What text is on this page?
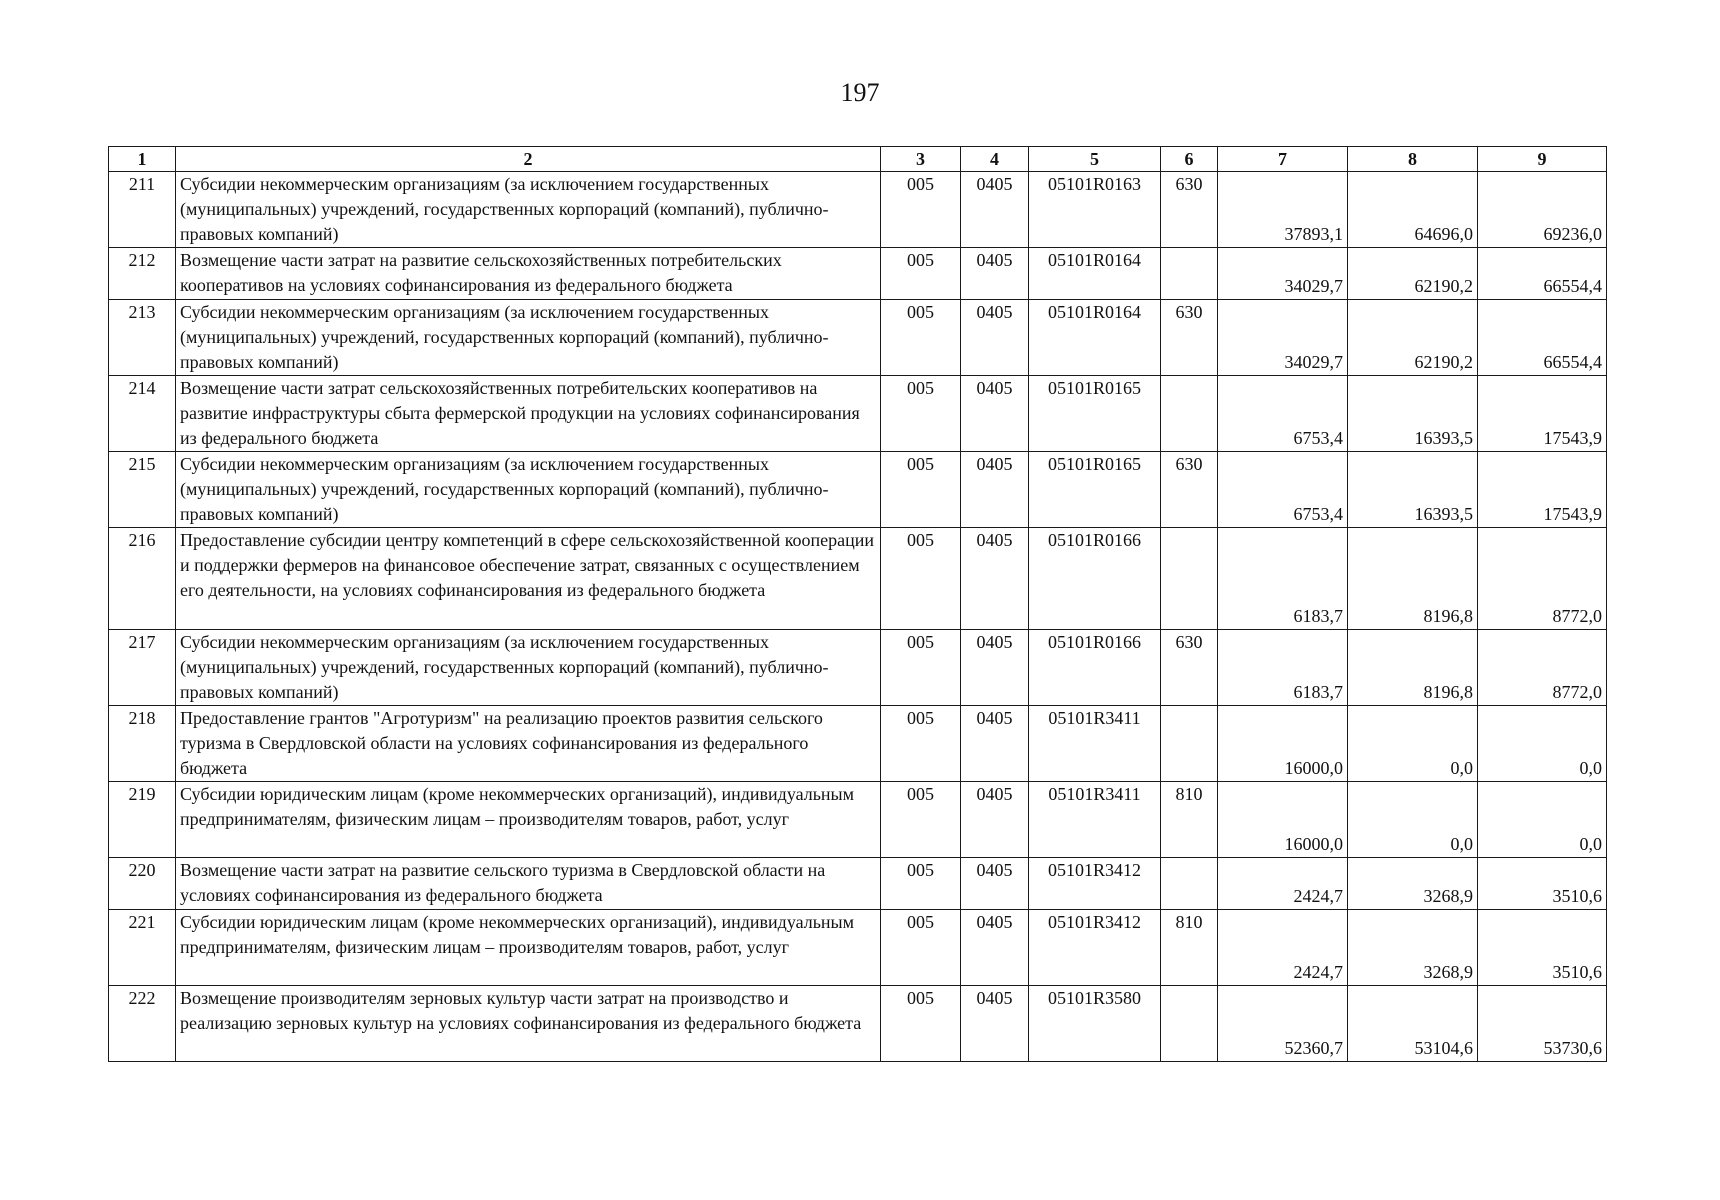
197
1	2	3	4	5	6	7	8	9
211	Субсидии некоммерческим организациям (за исключением государственных (муниципальных) учреждений, государственных корпораций (компаний), публично-правовых компаний)	005	0405	05101R0163	630	37893,1	64696,0	69236,0
212	Возмещение части затрат на развитие сельскохозяйственных потребительских кооперативов на условиях софинансирования из федерального бюджета	005	0405	05101R0164		34029,7	62190,2	66554,4
213	Субсидии некоммерческим организациям (за исключением государственных (муниципальных) учреждений, государственных корпораций (компаний), публично-правовых компаний)	005	0405	05101R0164	630	34029,7	62190,2	66554,4
214	Возмещение части затрат сельскохозяйственных потребительских кооперативов на развитие инфраструктуры сбыта фермерской продукции на условиях софинансирования из федерального бюджета	005	0405	05101R0165		6753,4	16393,5	17543,9
215	Субсидии некоммерческим организациям (за исключением государственных (муниципальных) учреждений, государственных корпораций (компаний), публично-правовых компаний)	005	0405	05101R0165	630	6753,4	16393,5	17543,9
216	Предоставление субсидии центру компетенций в сфере сельскохозяйственной кооперации и поддержки фермеров на финансовое обеспечение затрат, связанных с осуществлением его деятельности, на условиях софинансирования из федерального бюджета	005	0405	05101R0166		6183,7	8196,8	8772,0
217	Субсидии некоммерческим организациям (за исключением государственных (муниципальных) учреждений, государственных корпораций (компаний), публично-правовых компаний)	005	0405	05101R0166	630	6183,7	8196,8	8772,0
218	Предоставление грантов "Агротуризм" на реализацию проектов развития сельского туризма в Свердловской области на условиях софинансирования из федерального бюджета	005	0405	05101R3411		16000,0	0,0	0,0
219	Субсидии юридическим лицам (кроме некоммерческих организаций), индивидуальным предпринимателям, физическим лицам – производителям товаров, работ, услуг	005	0405	05101R3411	810	16000,0	0,0	0,0
220	Возмещение части затрат на развитие сельского туризма в Свердловской области на условиях софинансирования из федерального бюджета	005	0405	05101R3412		2424,7	3268,9	3510,6
221	Субсидии юридическим лицам (кроме некоммерческих организаций), индивидуальным предпринимателям, физическим лицам – производителям товаров, работ, услуг	005	0405	05101R3412	810	2424,7	3268,9	3510,6
222	Возмещение производителям зерновых культур части затрат на производство и реализацию зерновых культур на условиях софинансирования из федерального бюджета	005	0405	05101R3580		52360,7	53104,6	53730,6
